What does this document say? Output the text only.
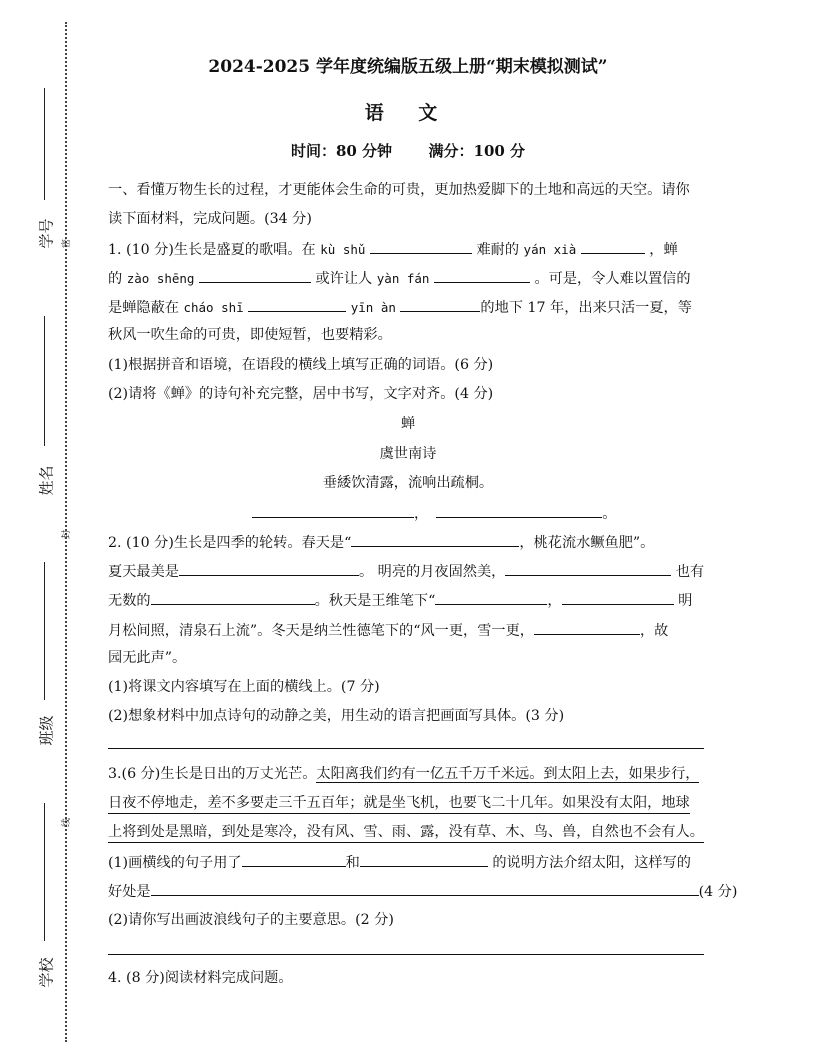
学号 密
姓名
封
班级
线
学校
2024-2025 学年度统编版五级上册“期末模拟测试”
语 文
时间：80 分钟 满分：100 分
一、看懂万物生长的过程，才更能体会生命的可贵，更加热爱脚下的土地和高远的天空。请你
读下面材料，完成问题。(34 分)
1. (10 分)生长是盛夏的歌唱。在 kù shǔ	难耐的 yán xià	，蝉
的 zào shēng	或许让人 yàn fán	。可是，令人难以置信的
是蝉隐蔽在 cháo shī	yīn àn	的地下 17 年，出来只活一夏，等
秋风一吹生命的可贵，即使短暂，也要精彩。
(1)根据拼音和语境，在语段的横线上填写正确的词语。(6 分)
(2)请将《蝉》的诗句补充完整，居中书写，文字对齐。(4 分)
蝉
虞世南诗
垂緌饮清露，流响出疏桐。
，	。
2. (10 分)生长是四季的轮转。春天是“	，桃花流水鳜鱼肥”。
夏天最美是	。 明亮的月夜固然美，	也有
无数的	。秋天是王维笔下“	，	明
月松间照，清泉石上流”。冬天是纳兰性德笔下的“风一更，雪一更，	，故
园无此声”。
(1)将课文内容填写在上面的横线上。(7 分)
(2)想象材料中加点诗句的动静之美，用生动的语言把画面写具体。(3 分)
3.(6 分)生长是日出的万丈光芒。太阳离我们约有一亿五千万千米远。到太阳上去，如果步行，
日夜不停地走，差不多要走三千五百年；就是坐飞机，也要飞二十几年。如果没有太阳，地球
上将到处是黑暗，到处是寒冷，没有风、雪、雨、露，没有草、木、鸟、兽，自然也不会有人。
(1)画横线的句子用了	和	的说明方法介绍太阳，这样写的
好处是	(4 分)
(2)请你写出画波浪线句子的主要意思。(2 分)
4. (8 分)阅读材料完成问题。
